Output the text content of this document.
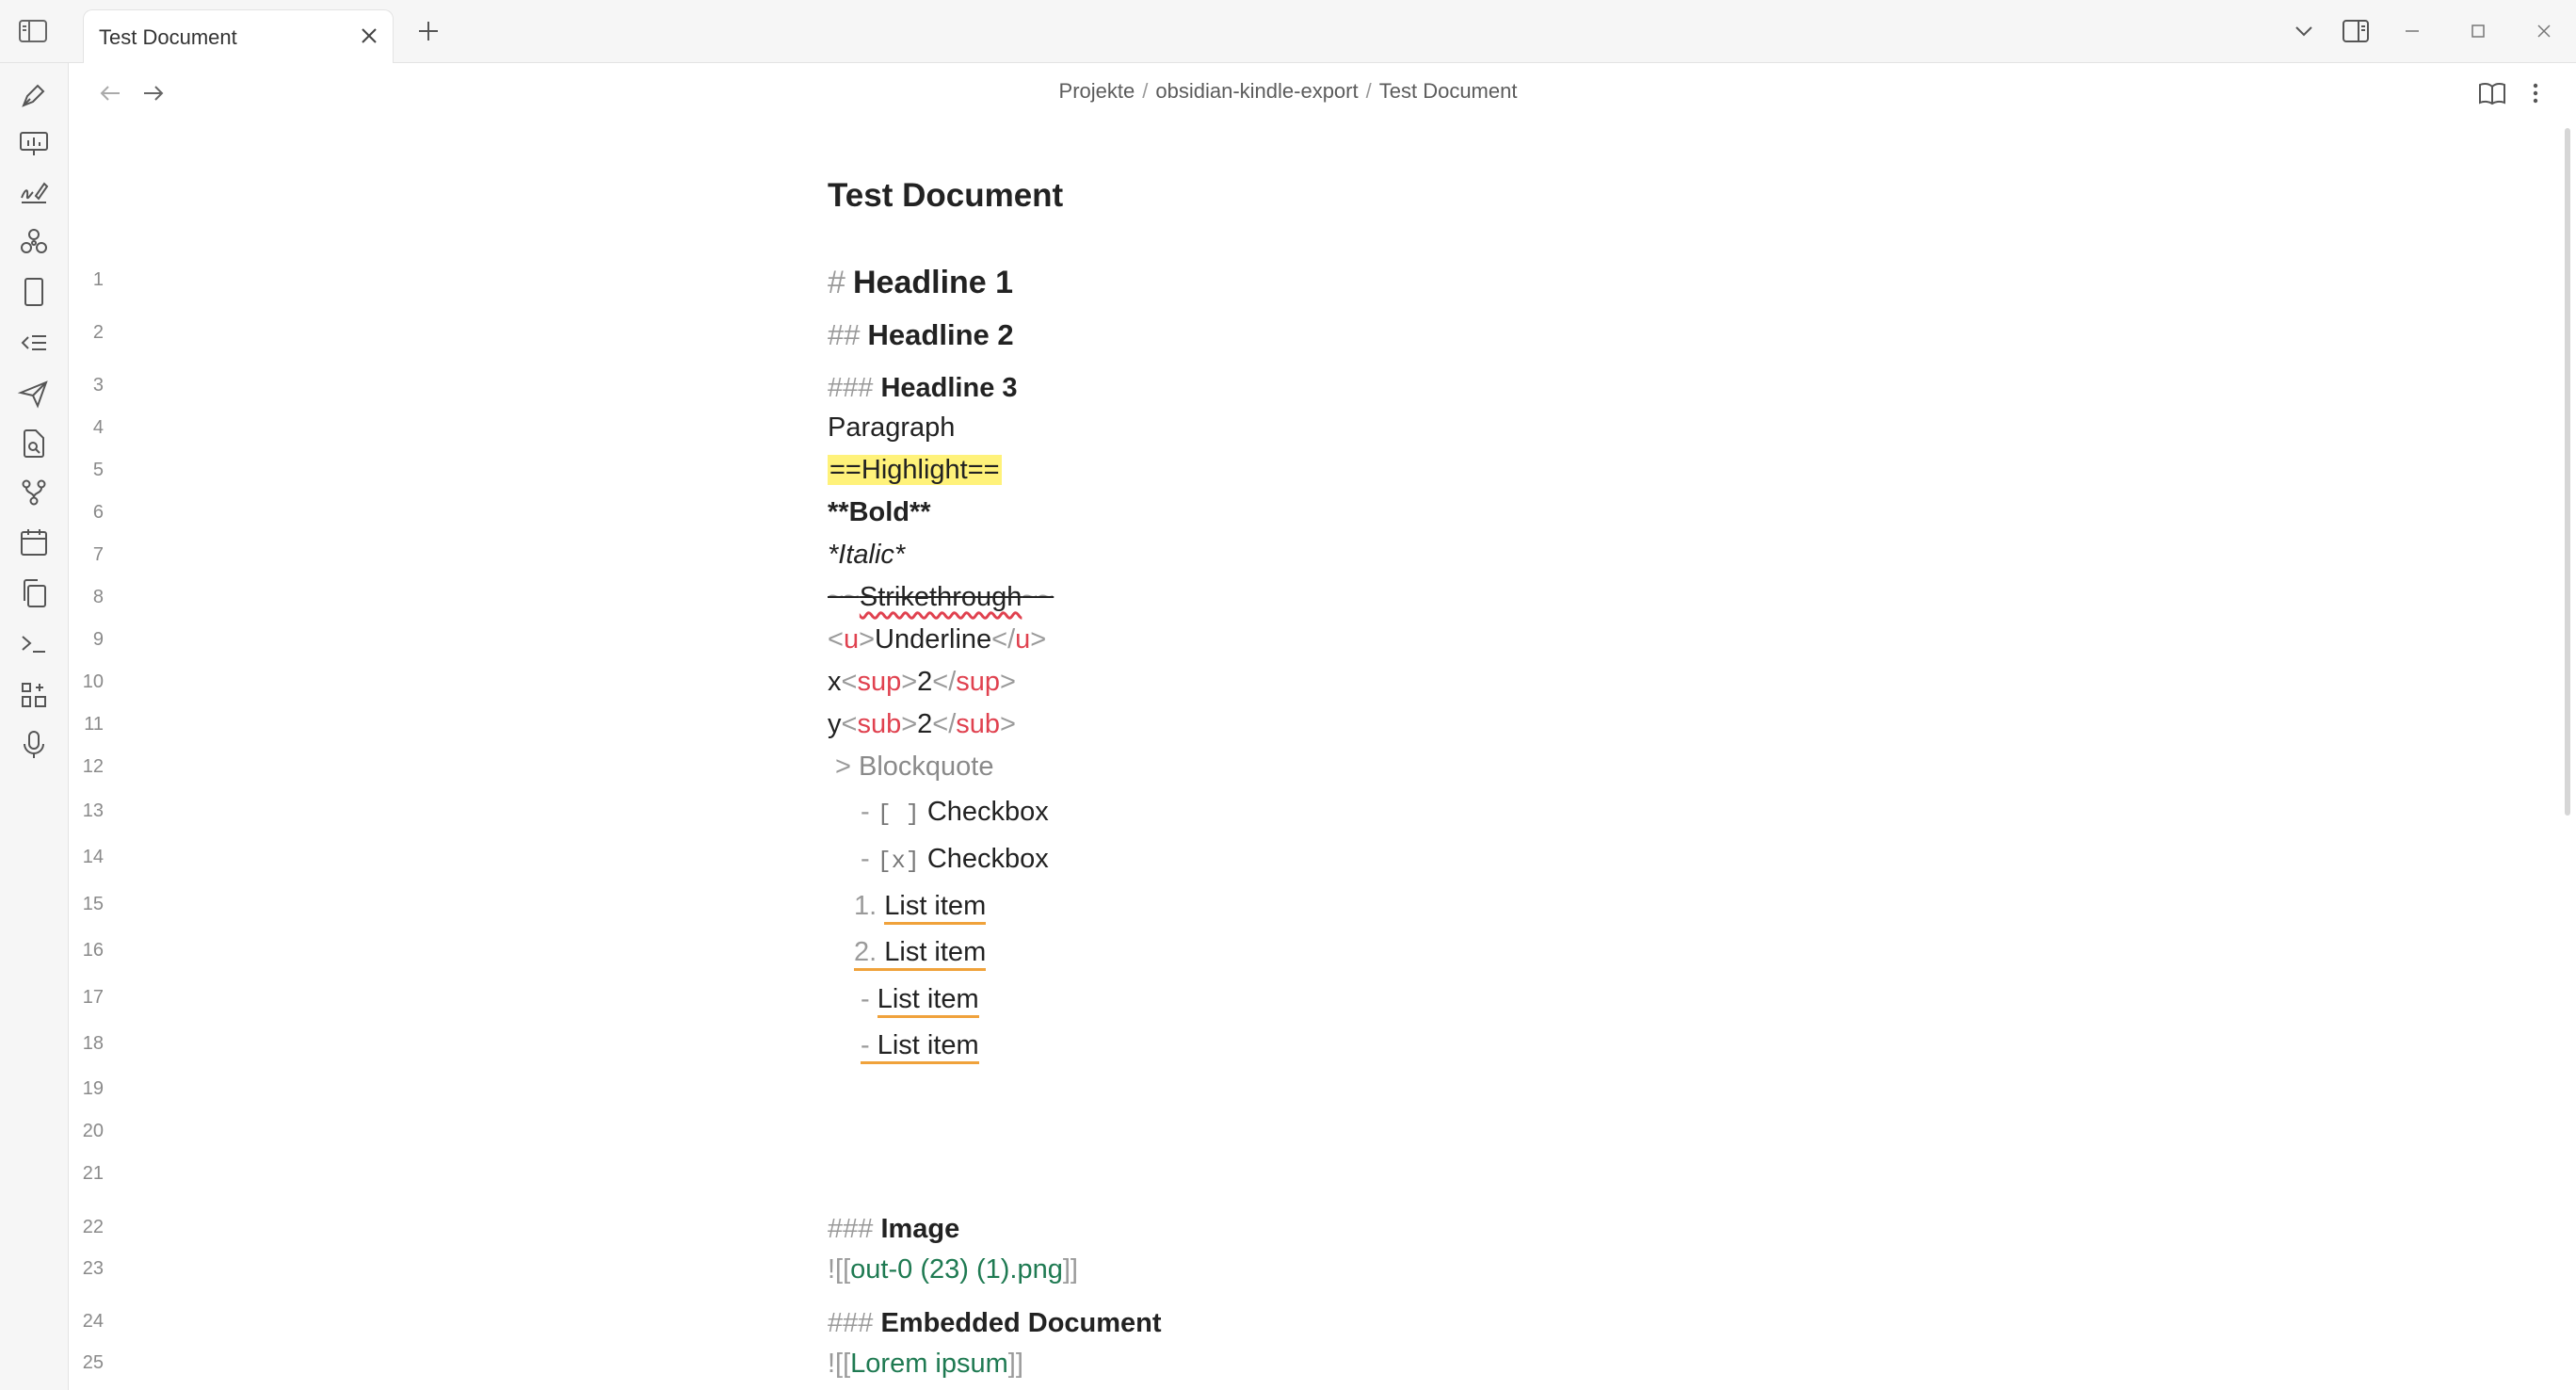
Test Document
Projekte / obsidian-kindle-export / Test Document
Test Document
1
2
3
4
5
6
7
8
9
10
11
12
13
14
15
16
17
18
19
20
21
22
23
24
25
# Headline 1
## Headline 2
### Headline 3
Paragraph
==Highlight==
**Bold**
*Italic*
~~Strikethrough~~
<u>Underline</u>
x<sup>2</sup>
y<sub>2</sub>
> Blockquote
- [ ] Checkbox
- [x] Checkbox
1. List item
2. List item
- List item
- List item
### Image
![[out-0 (23) (1).png]]
### Embedded Document
![[Lorem ipsum]]
